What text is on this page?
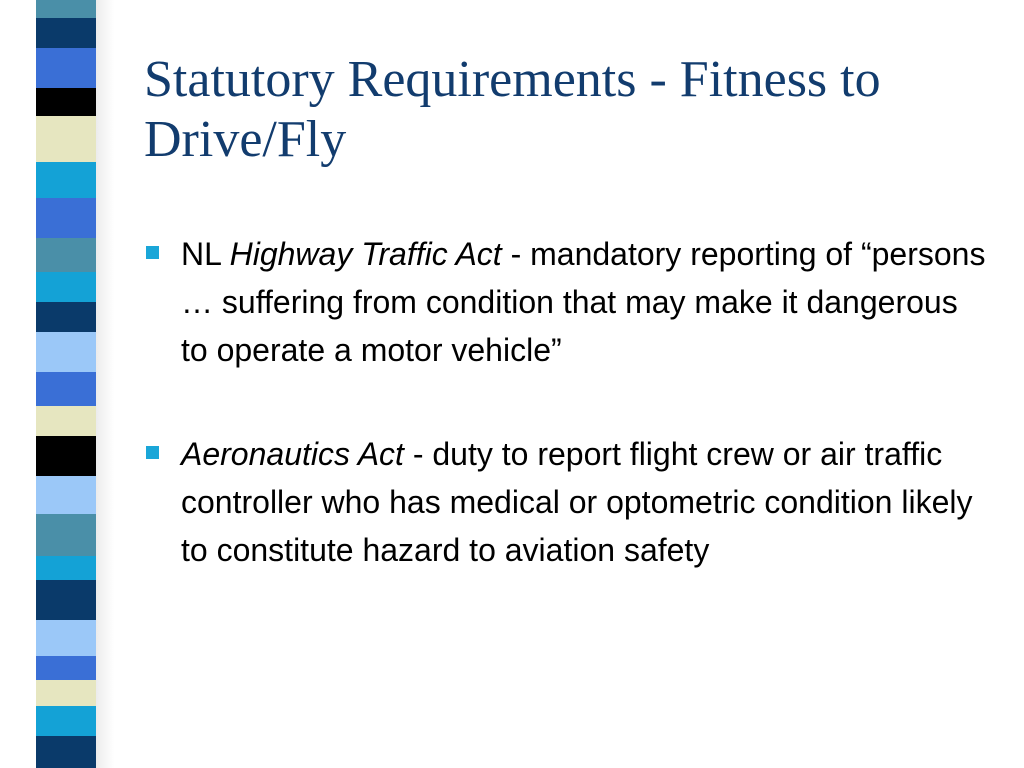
Statutory Requirements - Fitness to Drive/Fly
NL Highway Traffic Act - mandatory reporting of “persons … suffering from condition that may make it dangerous to operate a motor vehicle”
Aeronautics Act - duty to report flight crew or air traffic controller who has medical or optometric condition likely to constitute hazard to aviation safety
